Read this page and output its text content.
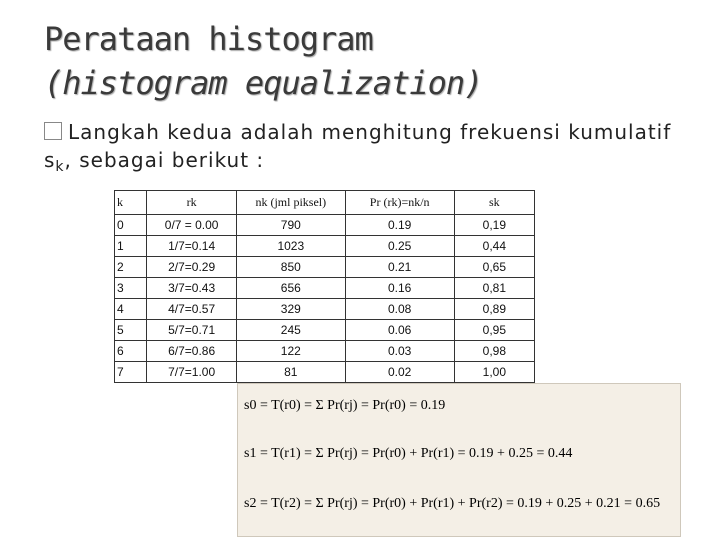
Perataan histogram
(histogram equalization)
Langkah kedua adalah menghitung frekuensi kumulatif $s_k$, sebagai berikut :
k	rk	nk (jml piksel)	Pr (rk)=nk/n	sk
0	0/7 = 0.00	790	0.19	0,19
1	1/7=0.14	1023	0.25	0,44
2	2/7=0.29	850	0.21	0,65
3	3/7=0.43	656	0.16	0,81
4	4/7=0.57	329	0.08	0,89
5	5/7=0.71	245	0.06	0,95
6	6/7=0.86	122	0.03	0,98
7	7/7=1.00	81	0.02	1,00
s0 = T(r0) = Σ Pr(rj) = Pr(r0) = 0.19
s1 = T(r1) = Σ Pr(rj) = Pr(r0) + Pr(r1) = 0.19 + 0.25 = 0.44
s2 = T(r2) = Σ Pr(rj) = Pr(r0) + Pr(r1) + Pr(r2) = 0.19 + 0.25 + 0.21 = 0.65
